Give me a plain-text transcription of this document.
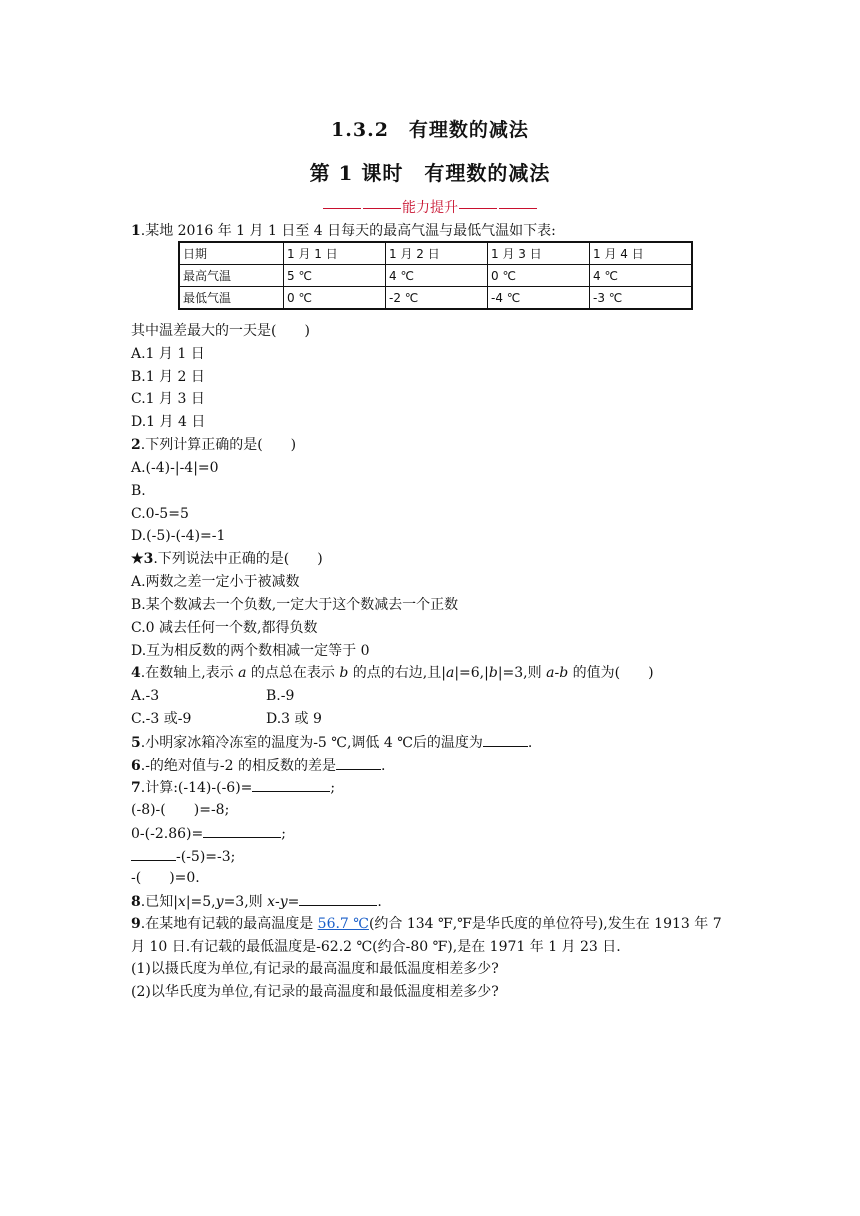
1.3.2　有理数的减法
第 1 课时　有理数的减法
能力提升
1.某地 2016 年 1 月 1 日至 4 日每天的最高气温与最低气温如下表:
日期	1 月 1 日	1 月 2 日	1 月 3 日	1 月 4 日
最高气温	5 ℃	4 ℃	0 ℃	4 ℃
最低气温	0 ℃	-2 ℃	-4 ℃	-3 ℃
其中温差最大的一天是(　　)
A.1 月 1 日
B.1 月 2 日
C.1 月 3 日
D.1 月 4 日
2.下列计算正确的是(　　)
A.(-4)-|-4|=0
B.
C.0-5=5
D.(-5)-(-4)=-1
★3.下列说法中正确的是(　　)
A.两数之差一定小于被减数
B.某个数减去一个负数,一定大于这个数减去一个正数
C.0 减去任何一个数,都得负数
D.互为相反数的两个数相减一定等于 0
4.在数轴上,表示 a 的点总在表示 b 的点的右边,且|a|=6,|b|=3,则 a-b 的值为(　　)
A.-3	B.-9
C.-3 或-9	D.3 或 9
5.小明家冰箱冷冻室的温度为-5 ℃,调低 4 ℃后的温度为	.
6.-的绝对值与-2 的相反数的差是	.
7.计算:(-14)-(-6)=	;
(-8)-(　　)=-8;
0-(-2.86)=	;
-(-5)=-3;
-(　　)=0.
8.已知|x|=5,y=3,则 x-y=	.
9.在某地有记载的最高温度是 56.7 ℃(约合 134 ℉,℉是华氏度的单位符号),发生在 1913 年 7
月 10 日.有记载的最低温度是-62.2 ℃(约合-80 ℉),是在 1971 年 1 月 23 日.
(1)以摄氏度为单位,有记录的最高温度和最低温度相差多少?
(2)以华氏度为单位,有记录的最高温度和最低温度相差多少?
